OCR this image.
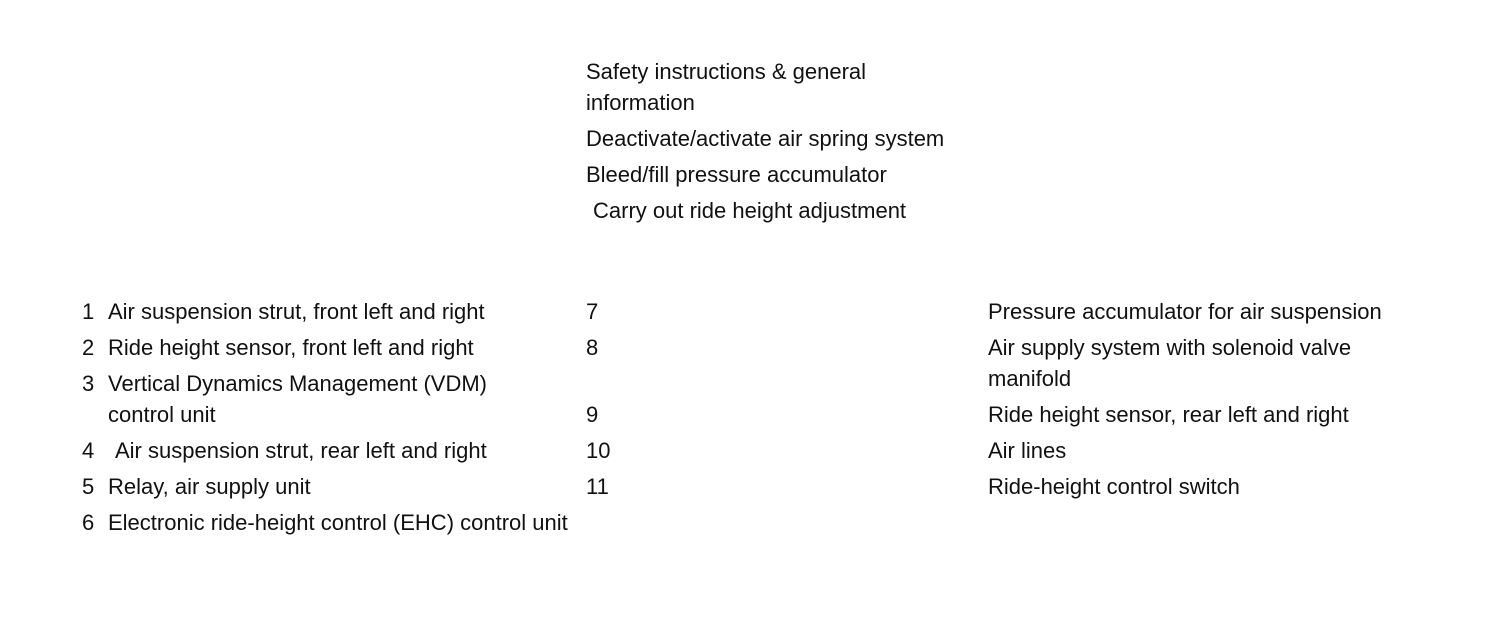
Safety instructions & general information
Deactivate/activate air spring system
Bleed/fill pressure accumulator
Carry out ride height adjustment
1 Air suspension strut, front left and right
2 Ride height sensor, front left and right
3 Vertical Dynamics Management (VDM) control unit
4 Air suspension strut, rear left and right
5 Relay, air supply unit
6 Electronic ride-height control (EHC) control unit
7	Pressure accumulator for air suspension
8	Air supply system with solenoid valve manifold
9	Ride height sensor, rear left and right
10	Air lines
11	Ride-height control switch
